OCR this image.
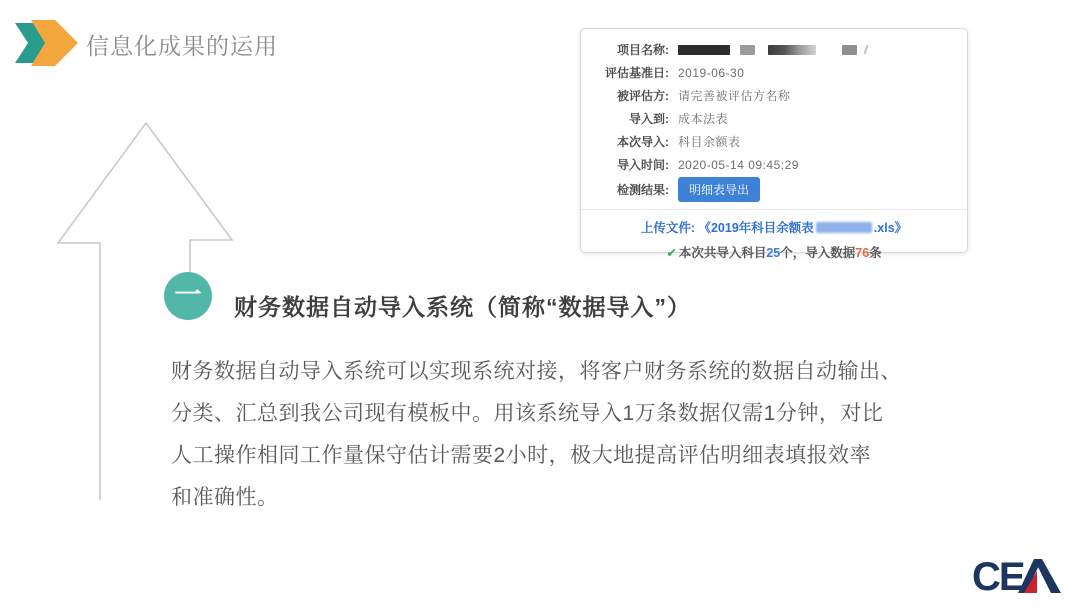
信息化成果的运用	项目名称:
评估基准日: 2019-06-30
被评估方: 请完善被评估方名称
导入到: 成本法表
本次导入: 科目余额表
导入时间: 2020-05-14 09:45:29
检测结果:	明细表导出
上传文件:
《2019年科目余额表	.xls》
✔ 本次共导入科目25个，导入数据76条
一 财务数据自动导入系统（简称“数据导入”）
财务数据自动导入系统可以实现系统对接，将客户财务系统的数据自动输出、
分类、汇总到我公司现有模板中。用该系统导入1万条数据仅需1分钟，对比
人工操作相同工作量保守估计需要2小时，极大地提高评估明细表填报效率
和准确性。
CE
